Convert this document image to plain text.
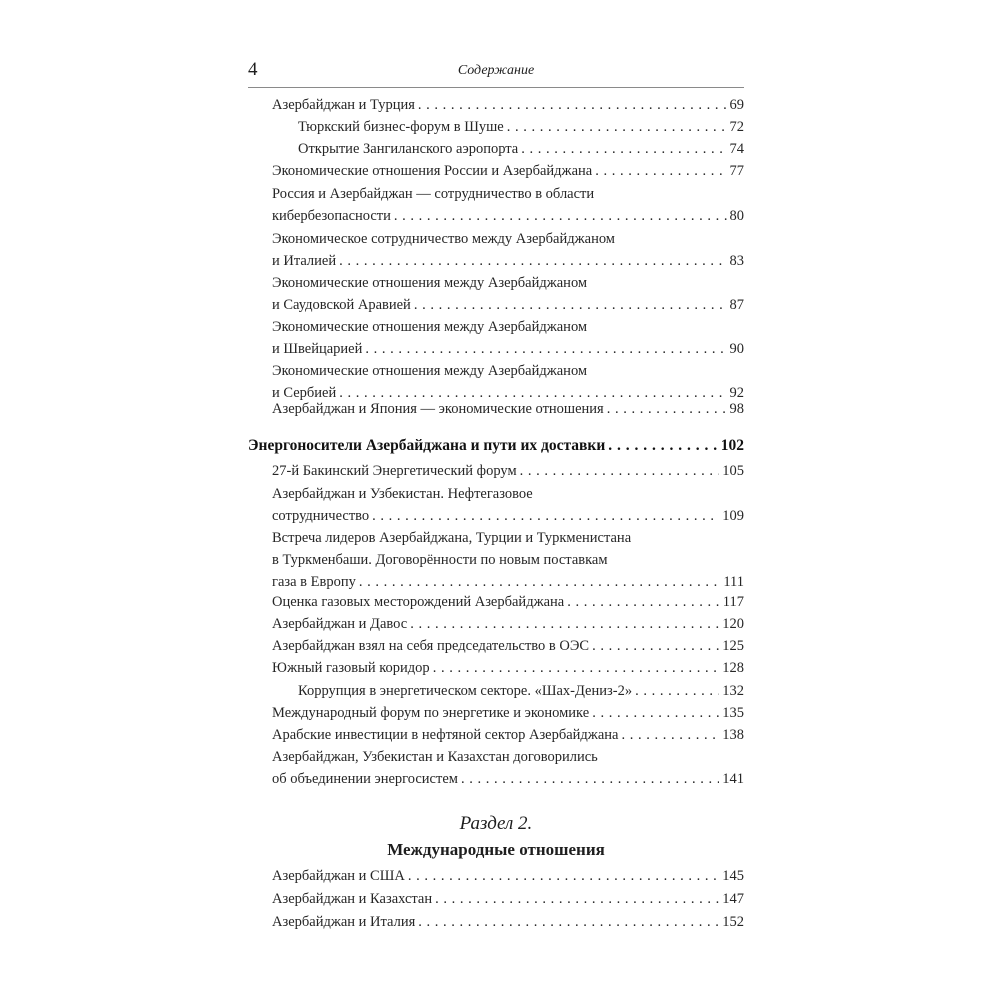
4	Содержание
Азербайджан и Турция . . .	69
Тюркский бизнес-форум в Шуше . . .	72
Открытие Зангиланского аэропорта . . .	74
Экономические отношения России и Азербайджана . . .	77
Россия и Азербайджан — сотрудничество в области
кибербезопасности . . .	80
Экономическое сотрудничество между Азербайджаном
и Италией . . .	83
Экономические отношения между Азербайджаном
и Саудовской Аравией . . .	87
Экономические отношения между Азербайджаном
и Швейцарией . . .	90
Экономические отношения между Азербайджаном
и Сербией . . .	92
Азербайджан и Япония — экономические отношения . . .	98
Энергоносители Азербайджана и пути их доставки . . .	102
27-й Бакинский Энергетический форум . . .	105
Азербайджан и Узбекистан. Нефтегазовое
сотрудничество . . .	109
Встреча лидеров Азербайджана, Турции и Туркменистана
в Туркменбаши. Договорённости по новым поставкам
газа в Европу . . .	111
Оценка газовых месторождений Азербайджана . . .	117
Азербайджан и Давос . . .	120
Азербайджан взял на себя председательство в ОЭС . . .	125
Южный газовый коридор . . .	128
Коррупция в энергетическом секторе. «Шах-Дениз-2» . . .	132
Международный форум по энергетике и экономике . . .	135
Арабские инвестиции в нефтяной сектор Азербайджана . . .	138
Азербайджан, Узбекистан и Казахстан договорились
об объединении энергосистем . . .	141
Азербайджан и США . . .	145
Азербайджан и Казахстан . . .	147
Азербайджан и Италия . . .	152
Раздел 2.
Международные отношения
